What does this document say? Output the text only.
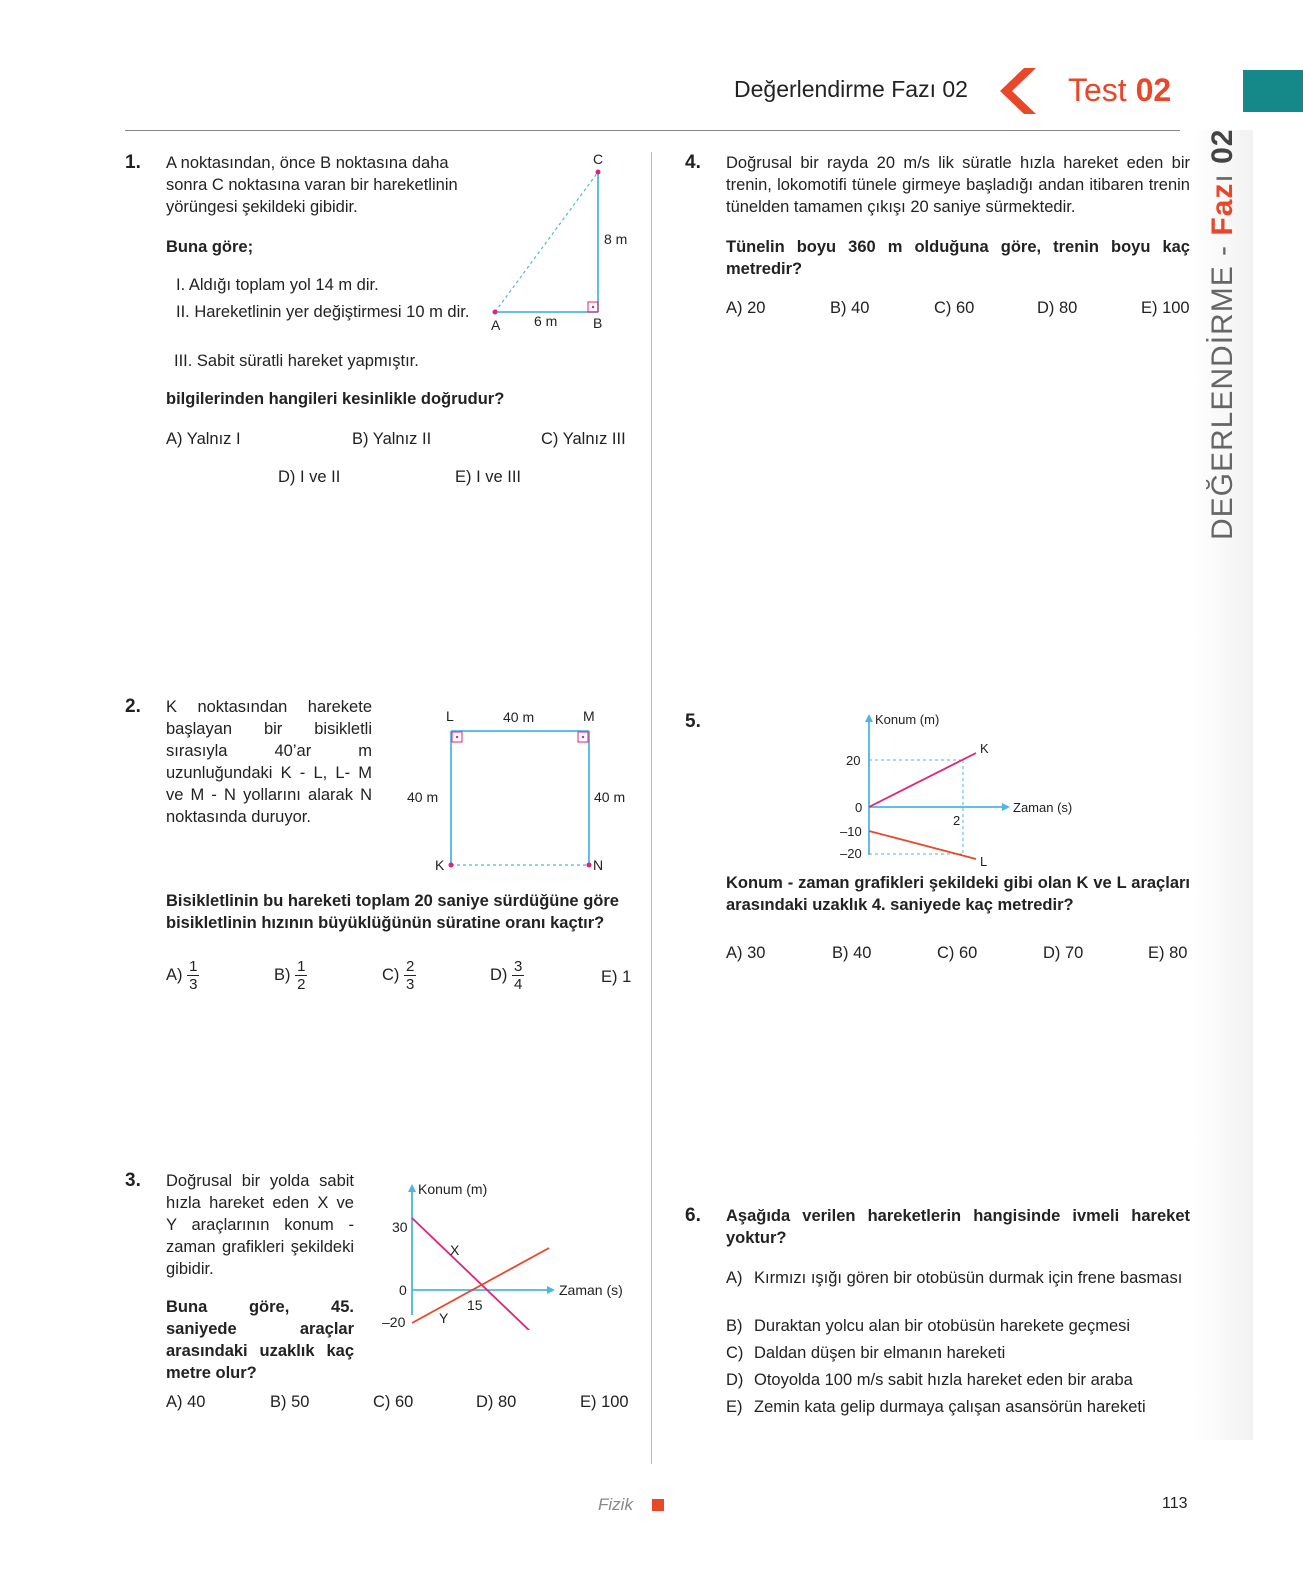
Değerlendirme Fazı 02	Test 02
DEĞERLENDİRME - Fazı 02
1. A noktasından, önce B noktasına daha sonra C noktasına varan bir hareketlinin yörüngesi şekildeki gibidir.
Buna göre;
I. Aldığı toplam yol 14 m dir.
II. Hareketlinin yer değiştirmesi 10 m dir.
III. Sabit süratli hareket yapmıştır.
bilgilerinden hangileri kesinlikle doğrudur?
A) Yalnız I	B) Yalnız II	C) Yalnız III
D) I ve II	E) I ve III
A	B
C
6 m
8 m
2. K noktasından harekete başlayan bir bisikletli sırasıyla 40’ar m uzunluğundaki K - L, L- M ve M - N yollarını alarak N noktasında duruyor.
L	M
K	N
40 m
40 m	40 m
Bisikletlinin bu hareketi toplam 20 saniye sürdüğüne göre bisikletlinin hızının büyüklüğünün süratine oranı kaçtır?
$A) \frac{1}{3}$	$B) \frac{1}{2}$	$C) \frac{2}{3}$	$D) \frac{3}{4}$	E) 1
3. Doğrusal bir yolda sabit hızla hareket eden X ve Y araçlarının konum - zaman grafikleri şekildeki gibidir.
Buna göre, 45. saniyede araçlar arasındaki uzaklık kaç metre olur?
Konum (m)
Zaman (s)
30
0
–20
15
X
Y
A) 40	B) 50	C) 60	D) 80	E) 100
4. Doğrusal bir rayda 20 m/s lik süratle hızla hareket eden bir trenin, lokomotifi tünele girmeye başladığı andan itibaren trenin tünelden tamamen çıkışı 20 saniye sürmektedir.
Tünelin boyu 360 m olduğuna göre, trenin boyu kaç metredir?
A) 20	B) 40	C) 60	D) 80	E) 100
5.	Konum (m)
Zaman (s)
20
0
–10
–20
2
K
L
Konum - zaman grafikleri şekildeki gibi olan K ve L araçları arasındaki uzaklık 4. saniyede kaç metredir?
A) 30	B) 40	C) 60	D) 70	E) 80
6. Aşağıda verilen hareketlerin hangisinde ivmeli hareket yoktur?
A) Kırmızı ışığı gören bir otobüsün durmak için frene basması
B) Duraktan yolcu alan bir otobüsün harekete geçmesi
C) Daldan düşen bir elmanın hareketi
D) Otoyolda 100 m/s sabit hızla hareket eden bir araba
E) Zemin kata gelip durmaya çalışan asansörün hareketi
Fizik	113
